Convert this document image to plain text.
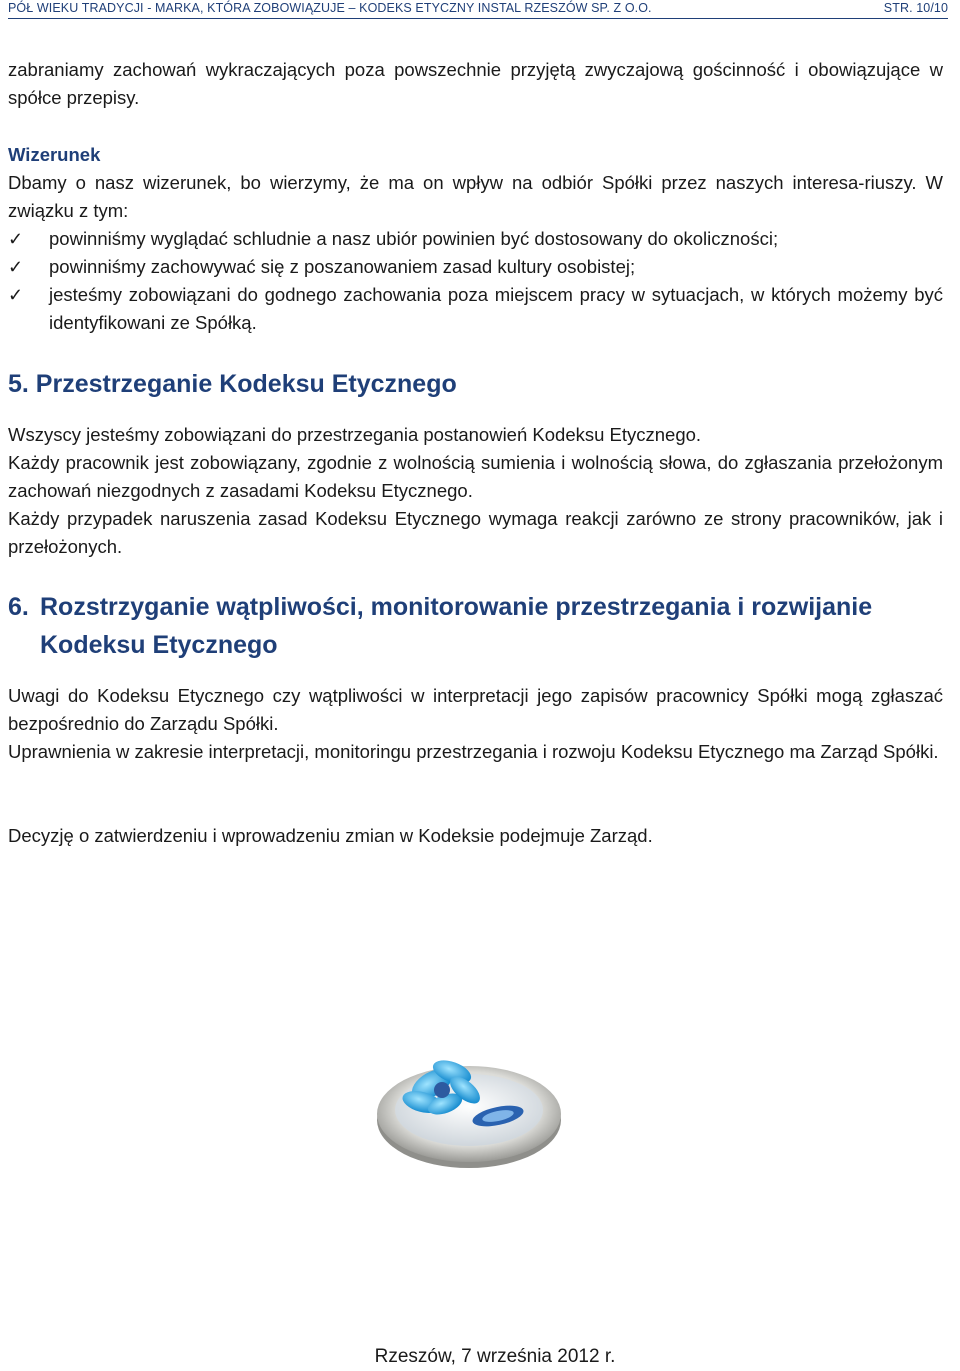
PÓŁ WIEKU TRADYCJI - MARKA, KTÓRA ZOBOWIĄZUJE – KODEKS ETYCZNY INSTAL RZESZÓW SP. Z O.O.	STR. 10/10

zabraniamy zachowań wykraczających poza powszechnie przyjętą zwyczajową gościnność i obowiązujące w spółce przepisy.

Wizerunek

Dbamy o nasz wizerunek, bo wierzymy, że ma on wpływ na odbiór Spółki przez naszych interesa-riuszy. W związku z tym:

✓ powinniśmy wyglądać schludnie a nasz ubiór powinien być dostosowany do okoliczności;
✓ powinniśmy zachowywać się z poszanowaniem zasad kultury osobistej;
✓ jesteśmy zobowiązani do godnego zachowania poza miejscem pracy w sytuacjach, w których możemy być identyfikowani ze Spółką.
5. Przestrzeganie Kodeksu Etycznego

Wszyscy jesteśmy zobowiązani do przestrzegania postanowień Kodeksu Etycznego.

Każdy pracownik jest zobowiązany, zgodnie z wolnością sumienia i wolnością słowa, do zgłaszania przełożonym zachowań niezgodnych z zasadami Kodeksu Etycznego.

Każdy przypadek naruszenia zasad Kodeksu Etycznego wymaga reakcji zarówno ze strony pracowników, jak i przełożonych.

6. Rozstrzyganie wątpliwości, monitorowanie przestrzegania i rozwijanie
Kodeksu Etycznego

Uwagi do Kodeksu Etycznego czy wątpliwości w interpretacji jego zapisów pracownicy Spółki mogą zgłaszać bezpośrednio do Zarządu Spółki.

Uprawnienia w zakresie interpretacji, monitoringu przestrzegania i rozwoju Kodeksu Etycznego ma Zarząd Spółki.

Decyzję o zatwierdzeniu i wprowadzeniu zmian w Kodeksie podejmuje Zarząd.

Rzeszów, 7 września 2012 r.
